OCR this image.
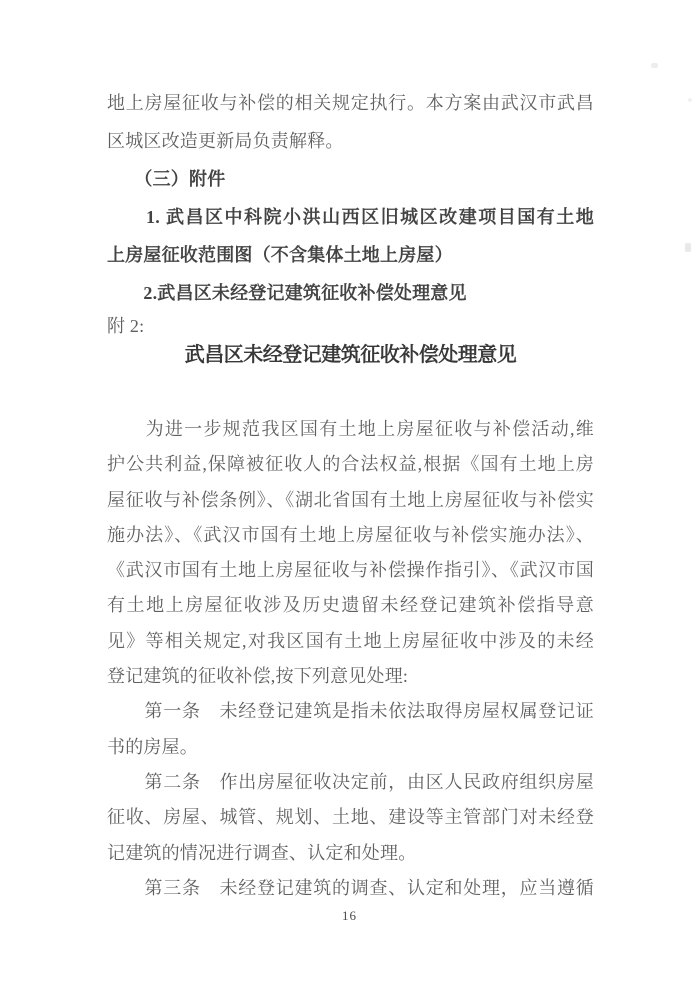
地上房屋征收与补偿的相关规定执行。本方案由武汉市武昌
区城区改造更新局负责解释。
　　（三）附件
　　1. 武昌区中科院小洪山西区旧城区改建项目国有土地
上房屋征收范围图（不含集体土地上房屋）
　　2.武昌区未经登记建筑征收补偿处理意见
附 2:
武昌区未经登记建筑征收补偿处理意见
　　为进一步规范我区国有土地上房屋征收与补偿活动,维
护公共利益,保障被征收人的合法权益,根据《国有土地上房
屋征收与补偿条例》、《湖北省国有土地上房屋征收与补偿实
施办法》、《武汉市国有土地上房屋征收与补偿实施办法》、
《武汉市国有土地上房屋征收与补偿操作指引》、《武汉市国
有土地上房屋征收涉及历史遗留未经登记建筑补偿指导意
见》等相关规定,对我区国有土地上房屋征收中涉及的未经
登记建筑的征收补偿,按下列意见处理:
　　第一条　未经登记建筑是指未依法取得房屋权属登记证
书的房屋。
　　第二条　作出房屋征收决定前，由区人民政府组织房屋
征收、房屋、城管、规划、土地、建设等主管部门对未经登
记建筑的情况进行调查、认定和处理。
　　第三条　未经登记建筑的调查、认定和处理，应当遵循
16
